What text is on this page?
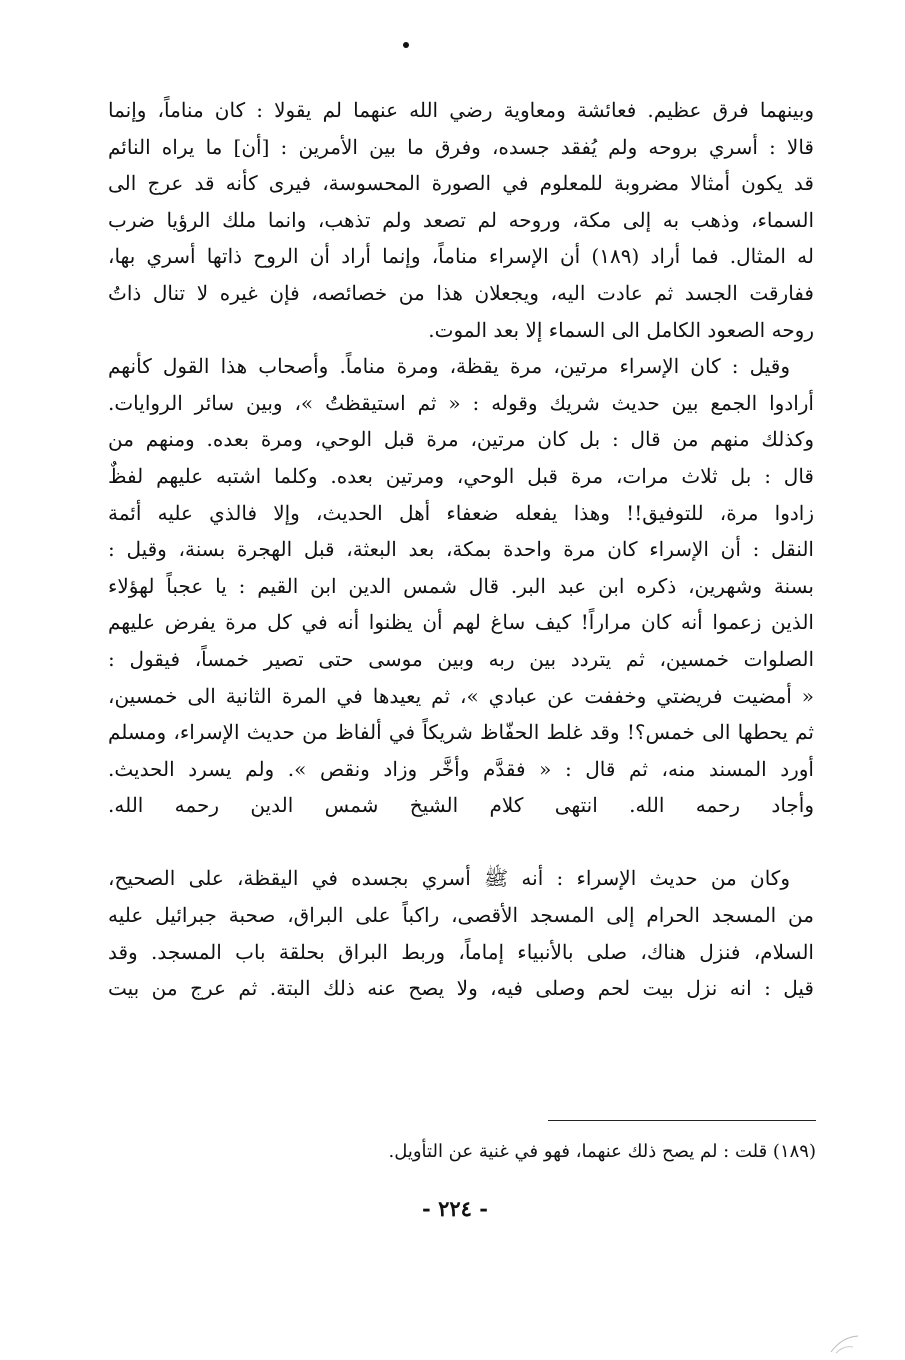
وبينهما فرق عظيم. فعائشة ومعاوية رضي الله عنهما لم يقولا : كان مناماً، وإنما
قالا : أسري بروحه ولم يُفقد جسده، وفرق ما بين الأمرين : [أن] ما يراه النائم
قد يكون أمثالا مضروبة للمعلوم في الصورة المحسوسة، فيرى كأنه قد عرج الى
السماء، وذهب به إلى مكة، وروحه لم تصعد ولم تذهب، وانما ملك الرؤيا ضرب
له المثال. فما أراد (١٨٩) أن الإسراء مناماً، وإنما أراد أن الروح ذاتها أسري بها،
ففارقت الجسد ثم عادت اليه، ويجعلان هذا من خصائصه، فإن غيره لا تنال ذاتُ
روحه الصعود الكامل الى السماء إلا بعد الموت.

وقيل : كان الإسراء مرتين، مرة يقظة، ومرة مناماً. وأصحاب هذا القول كأنهم
أرادوا الجمع بين حديث شريك وقوله : « ثم استيقظتُ »، وبين سائر الروايات.
وكذلك منهم من قال : بل كان مرتين، مرة قبل الوحي، ومرة بعده. ومنهم من
قال : بل ثلاث مرات، مرة قبل الوحي، ومرتين بعده. وكلما اشتبه عليهم لفظٌ
زادوا مرة، للتوفيق!! وهذا يفعله ضعفاء أهل الحديث، وإلا فالذي عليه أئمة
النقل : أن الإسراء كان مرة واحدة بمكة، بعد البعثة، قبل الهجرة بسنة، وقيل :
بسنة وشهرين، ذكره ابن عبد البر. قال شمس الدين ابن القيم : يا عجباً لهؤلاء
الذين زعموا أنه كان مراراً! كيف ساغ لهم أن يظنوا أنه في كل مرة يفرض عليهم
الصلوات خمسين، ثم يتردد بين ربه وبين موسى حتى تصير خمساً، فيقول :
« أمضيت فريضتي وخففت عن عبادي »، ثم يعيدها في المرة الثانية الى خمسين،
ثم يحطها الى خمس؟! وقد غلط الحفّاظ شريكاً في ألفاظ من حديث الإسراء، ومسلم
أورد المسند منه، ثم قال : « فقدَّم وأخَّر وزاد ونقص ». ولم يسرد الحديث.
وأجاد رحمه الله. انتهى كلام الشيخ شمس الدين رحمه الله.

وكان من حديث الإسراء : أنه ﷺ أسري بجسده في اليقظة، على الصحيح،
من المسجد الحرام إلى المسجد الأقصى، راكباً على البراق، صحبة جبرائيل عليه
السلام، فنزل هناك، صلى بالأنبياء إماماً، وربط البراق بحلقة باب المسجد. وقد
قيل : انه نزل بيت لحم وصلى فيه، ولا يصح عنه ذلك البتة. ثم عرج من بيت

(١٨٩) قلت : لم يصح ذلك عنهما، فهو في غنية عن التأويل.
- ٢٢٤ -
